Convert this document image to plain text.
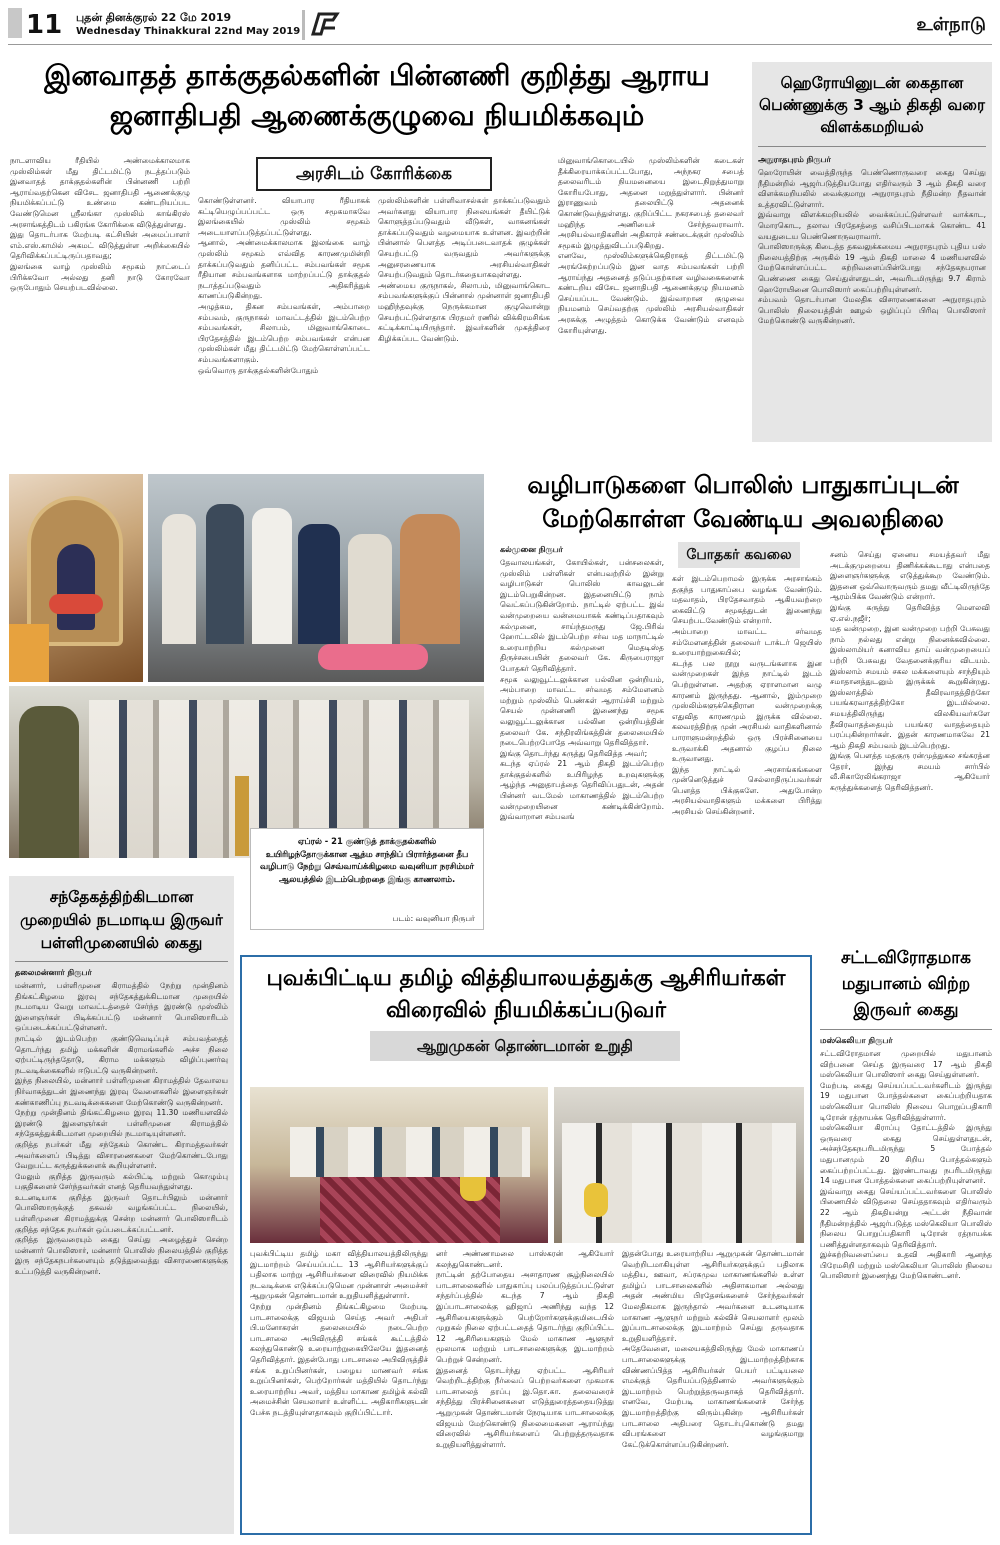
11 புதன் தினக்குரல் 22 மே 2019
Wednesday Thinakkural 22nd May 2019	உள்நாடு
இனவாதத் தாக்குதல்களின் பின்னணி குறித்து ஆராய ஜனாதிபதி ஆணைக்குழுவை நியமிக்கவும்
அரசிடம் கோரிக்கை
நாடளாவிய ரீதியில் அண்மைக்காலமாக முஸ்லிம்கள் மீது திட்டமிட்டு நடத்தப்படும் இனவாதத் தாக்குதல்களின் பின்னணி பற்றி ஆராய்வதற்கென விசேட ஜனாதிபதி ஆணைக்குழு நியமிக்கப்பட்டு உண்மை கண்டறியப்பட வேண்டுமென ஸ்ரீலங்கா முஸ்லிம் காங்கிரஸ் அரசாங்கத்திடம் பகிரங்க கோரிக்கை விடுத்துள்ளது.
இது தொடர்பாக மேற்படி கட்சியின் அமைப்பாளர் எம்.எஸ்.காமில் அகமட் விடுத்துள்ள அறிக்கையில் தெரிவிக்கப்பட்டிருப்பதாவது;
இலங்கை வாழ் முஸ்லிம் சமூகம் நாட்டைப் பிரிக்கவோ அல்லது தனி நாடு கோரவோ ஒருபோதும் செயற்படவில்லை.
கொண்டுள்ளனர். வியாபார ரீதியாகக் கட்டியெழுப்பப்பட்ட ஒரு சமூகமாகவே இலங்கையில் முஸ்லிம் சமூகம் அடையாளப்படுத்தப்பட்டுள்ளது.
ஆனால், அண்மைக்காலமாக இலங்கை வாழ் முஸ்லிம் சமூகம் எவ்வித காரணமுமின்றி தாக்கப்படுவதும் தனிப்பட்ட சம்பவங்கள் சமூக ரீதியான சம்பவங்களாக மாற்றப்பட்டு தாக்குதல் நடாத்தப்படுவதும் அதிகரித்துக் காணப்படுகின்றது.
அழுத்கம, திகன சம்பவங்கள், அம்பாறை சம்பவம், குருநாகல் மாவட்டத்தில் இடம்பெற்ற சம்பவங்கள், சிலாபம், மினுவாங்கொடை பிரதேசத்தில் இடம்பெற்ற சம்பவங்கள் என்பன முஸ்லிம்கள் மீது திட்டமிட்டு மேற்கொள்ளப்பட்ட சம்பவங்களாகும்.
ஒவ்வொரு தாக்குதல்களின்போதும்
முஸ்லிம்களின் பள்ளிவாசல்கள் தாக்கப்படுவதும் அவர்களது வியாபார நிலையங்கள் தீயிட்டுக் கொளுத்தப்படுவதும் வீடுகள், வாகனங்கள் தாக்கப்படுவதும் வழமையாக உள்ளன. இவற்றின் பின்னால் பௌத்த அடிப்படைவாதக் குழுக்கள் செயற்பட்டு வருவதும் அவர்களுக்கு அனுசரணையாக அரசியல்வாதிகள் செயற்படுவதும் தொடர்கதையாகவுள்ளது.
அண்மைய குருநாகல், சிலாபம், மினுவாங்கொட சம்பவங்களுக்குப் பின்னால் முன்னாள் ஜனாதிபதி மஹிந்தவுக்கு நெருக்கமான குழுவொன்று செயற்பட்டுள்ளதாக பிரதமர் ரணில் விக்கிரமசிங்க சுட்டிக்காட்டியிருந்தார். இவர்களின் முகத்திரை கிழிக்கப்பட வேண்டும்.
மினுவாங்கொடையில் முஸ்லிம்களின் கடைகள் தீக்கிரையாக்கப்பட்டபோது, அந்நகர சபைத் தலைவரிடம் நியமனையை இடைநிறுத்துமாறு கோரியபோது, அதனை மறுத்துள்ளார். பின்னர் இராணுவம் தலையிட்டு அதனைக் கொண்டுவந்துள்ளது. குறிப்பிட்ட நகரசபைத் தலைவர் மஹிந்த அணியைச் சேர்ந்தவராவார். அரசியல்வாதிகளின் அதிகாரச் சண்டைக்குள் முஸ்லிம் சமூகம் இழுத்துவிடப்படுகிறது.
எனவே, முஸ்லிம்களுக்கெதிராகத் திட்டமிட்டு அரங்கேற்றப்படும் இன வாத சம்பவங்கள் பற்றி ஆராய்ந்து அதனைத் தடுப்பதற்கான வழிவகைகளைக் கண்டறிய விசேட ஜனாதிபதி ஆணைக்குழு நியமனம் செய்யப்பட வேண்டும். இவ்வாறான குழுவை நியமனம் செய்வதற்கு முஸ்லிம் அரசியல்வாதிகள் அரசுக்கு அழுத்தம் கொடுக்க வேண்டும் எனவும் கோரியுள்ளது.
ஹெரோயினுடன் கைதான பெண்ணுக்கு 3 ஆம் திகதி வரை விளக்கமறியல்
அநுராதபுரம் நிருபர்
ஹெரோயின் வைத்திருந்த பெண்ணொருவரை கைது செய்து நீதிமன்றில் ஆஜர்படுத்தியபோது எதிர்வரும் 3 ஆம் திகதி வரை விளக்கமறியலில் வைக்குமாறு அநுராதபுரம் நீதிமன்ற நீதவான் உத்தரவிட்டுள்ளார்.
இவ்வாறு விளக்கமறியலில் வைக்கப்பட்டுள்ளவர் வாக்காட, மொரகொட, தலாவ பிரதேசத்தை வசிப்பிடமாகக் கொண்ட 41 வயதுடைய பெண்ணொருவராவார்.
பொலிஸாருக்கு கிடைத்த தகவலுக்கமைய அநுராதபுரம் புதிய பஸ் நிலையத்திற்கு அருகில் 19 ஆம் திகதி மாலை 4 மணியளவில் மேற்கொள்ளப்பட்ட சுற்றிவளைப்பின்போது சந்தேகநபரான பெண்ணை கைது செய்துள்ளதுடன், அவரிடமிருந்து 9.7 கிராம் ஹெரோயினை பொலிஸார் கைப்பற்றியுள்ளனர்.
சம்பவம் தொடர்பான மேலதிக விசாரணைகளை அநுராதபுரம் பொலிஸ் நிலையத்தின் ஊழல் ஒழிப்புப் பிரிவு பொலிஸார் மேற்கொண்டு வருகின்றனர்.
ஏப்ரல் - 21 குண்டுத் தாக்குதல்களில் உயிரிழந்தோருக்கான ஆத்ம சாந்திப் பிரார்த்தனை தீப வழிபாடு நேற்று செவ்வாய்க்கிழமை வவுனியா நரசிம்மர் ஆலயத்தில் இடம்பெற்றதை இங்கு காணலாம்.
படம்: வவுனியா நிருபர்
வழிபாடுகளை பொலிஸ் பாதுகாப்புடன் மேற்கொள்ள வேண்டிய அவலநிலை
கல்முனை நிருபர்	போதகர் கவலை
தேவாலயங்கள், கோயில்கள், பன்சலைகள், முஸ்லிம் பள்ளிகள் என்பவற்றில் இன்று வழிபாடுகள் பொலிஸ் காவலுடன் இடம்பெறுகின்றன. இதனையிட்டு நாம் வெட்கப்படுகின்றோம். நாட்டில் ஏற்பட்ட இவ் வன்முறையை வன்மையாகக் கண்டிப்பதாகவும் கல்முனை, சாய்ந்தமருது ஜே.பிரிவ் ஹோட்டலில் இடம்பெற்ற சர்வ மத மாநாட்டில் உரையாற்றிய கல்முனை மெதடிஸ்த திருச்சபையின் தலைவர் கே. கிருபைராஜா போதகர் தெரிவித்தார்.
சமூக வலுவூட்டலுக்கான பல்லின ஒன்றியம், அம்பாறை மாவட்ட சர்வமத சம்மேளனம் மற்றும் முஸ்லிம் பெண்கள் ஆராய்ச்சி மற்றும் செயல் முன்னணி இணைந்து சமூக வலுவூட்டலுக்கான பல்லின ஒன்றியத்தின் தலைவர் கே. சந்திரலிங்கத்தின் தலைமையில் நடைபெற்றபோதே அவ்வாறு தெரிவித்தார்.
இங்கு தொடர்ந்து கருத்து தெரிவித்த அவர்;
கடந்த ஏப்ரல் 21 ஆம் திகதி இடம்பெற்ற தாக்குதல்களில் உயிரிழந்த உறவுகளுக்கு ஆழ்ந்த அனுதாபத்தை தெரிவிப்பதுடன், அதன் பின்னர் வடமேல் மாகாணத்தில் இடம்பெற்ற வன்முறையினை கண்டிக்கின்றோம். இவ்வாறான சம்பவங்
கள் இடம்பெறாமல் இருக்க அரசாங்கம் தகுந்த பாதுகாப்பை வழங்க வேண்டும். மதவாதம், பிரதேசவாதம் ஆகியவற்றை கைவிட்டு சமூகத்துடன் இணைந்து செயற்படவேண்டும் என்றார்.
அம்பாறை மாவட்ட சர்வமத சம்மேளனத்தின் தலைவர் டாக்டர் ஜெயிஸ் உரையாற்றுகையில்;
கடந்த பல நூறு வருடங்களாக இன வன்முறைகள் இந்த நாட்டில் இடம் பெற்றுள்ளன. அதற்கு ஏராளமான வழு காரணம் இருந்தது. ஆனால், இம்முறை முஸ்லிம்களுக்கெதிரான வன்முறைக்கு எதுவித காரணமும் இருக்க வில்லை. கலவரத்திற்கு முன் அரசியல் வாதிகளினால் பாராளுமன்றத்தில் ஒரு பிரச்சினையை உருவாக்கி அதனால் குழப்ப நிலை உருவானது.
இந்த நாட்டில் அரசாங்கங்களை முன்னெடுத்துச் செல்லாதிருப்பவர்கள் பௌத்த பிக்குகளே. அதுபோன்ற அரசியல்வாதிகளும் மக்களை பிரித்து அரசியல் செய்கின்றனர்.
சனம் செய்து ஏனைய சமயத்தவர் மீது அடக்குமுறையை திணிக்கக்கூடாது என்பதை இளைஞர்களுக்கு எடுத்துக்கூற வேண்டும். இதனை ஒவ்வொருவரும் தமது வீட்டிலிருந்தே ஆரம்பிக்க வேண்டும் என்றார்.
இங்கு கருத்து தெரிவித்த மௌலவி ஏ.எல்.நஜீர்;
மத வன்முறை, இன வன்முறை பற்றி பேசுவது நாம் நல்லது என்று நினைக்கவில்லை. இஸ்லாமியர் கனாவிய தாய் வன்முறையைப் பற்றி பேசுவது வேதனைக்குரிய விடயம். இஸ்லாம் சமயம் சகல மக்களையும் சாந்தியும் சமாதானத்துடனும் இருக்கக் கூறுகின்றது. இஸ்லாத்தில் தீவிரவாதத்திற்கோ பயங்கரவாதத்திற்கோ இடமில்லை. சமயத்திலிருந்து விலகியவர்களே தீவிரவாதத்தையும் பயங்கர வாதத்தையும் பரப்புகின்றார்கள். இதன் காரணமாகவே 21 ஆம் திகதி சம்பவம் இடம்பெற்றது.
இங்கு பௌத்த மதகுரு ரன்முத்துகல சங்கரத்ன தேரர், இந்து சமயம் சார்பில் வீ.சிகாரேலிங்கராஜா ஆகியோர் கருத்துக்களைத் தெரிவித்தனர்.
சந்தேகத்திற்கிடமான முறையில் நடமாடிய இருவர் பள்ளிமுனையில் கைது
தலைமன்னார் நிருபர்
மன்னார், பள்ளிமுனை கிராமத்தில் நேற்று முன்தினம் திங்கட்கிழமை இரவு சந்தேகத்துக்கிடமான முறையில் நடமாடிய வேறு மாவட்டத்தைச் சேர்ந்த இரண்டு முஸ்லிம் இளைஞர்கள் பிடிக்கப்பட்டு மன்னார் பொலிஸாரிடம் ஒப்படைக்கப்பட்டுள்ளனர்.
நாட்டில் இடம்பெற்ற குண்டுவெடிப்புச் சம்பவத்தைத் தொடர்ந்து தமிழ் மக்களின் கிராமங்களில் அச்ச நிலை ஏற்பட்டிருந்ததோடு, கிராம மக்களும் விழிப்புணர்வு நடவடிக்கைகளில் ஈடுபட்டு வருகின்றனர்.
இந்த நிலையில், மன்னார் பள்ளிமுனை கிராமத்தில் தேவாலய நிர்வாகத்துடன் இணைந்து இரவு வேளைகளில் இளைஞர்கள் கண்காணிப்பு நடவடிக்கைகளை மேற்கொண்டு வருகின்றனர்.
நேற்று முன்தினம் திங்கட்கிழமை இரவு 11.30 மணியளவில் இரண்டு இளைஞர்கள் பள்ளிமுனை கிராமத்தில் சந்தேகத்துக்கிடமான முறையில் நடமாடியுள்ளனர்.
குறித்த நபர்கள் மீது சந்தேகம் கொண்ட கிராமத்தவர்கள் அவர்களைப் பிடித்து விசாரணைகளை மேற்கொண்டபோது வேறுபட்ட கருத்துக்களைக் கூறியுள்ளனர்.
மேலும் குறித்த இருவரும் கல்பிட்டி மற்றும் கொழும்பு பகுதிகளைச் சேர்ந்தவர்கள் எனத் தெரியவந்துள்ளது.
உடனடியாக குறித்த இருவர் தொடர்பிலும் மன்னார் பொலிஸாருக்குத் தகவல் வழங்கப்பட்ட நிலையில், பள்ளிமுனை கிராமத்துக்கு சென்ற மன்னார் பொலிஸாரிடம் குறித்த சந்தேக நபர்கள் ஒப்படைக்கப்பட்டனர்.
குறித்த இருவரையும் கைது செய்து அழைத்துச் சென்ற மன்னார் பொலிஸார், மன்னார் பொலிஸ் நிலையத்தில் குறித்த இரு சந்தேகநபர்களையும் தடுத்துவைத்து விசாரணைகளுக்கு உட்படுத்தி வருகின்றனர்.
புவக்பிட்டிய தமிழ் வித்தியாலயத்துக்கு ஆசிரியர்கள் விரைவில் நியமிக்கப்படுவர்
ஆறுமுகன் தொண்டமான் உறுதி
புவக்பிட்டிய தமிழ் மகா வித்தியாலயத்திலிருந்து இடமாற்றம் செய்யப்பட்ட 13 ஆசிரியர்களுக்குப் பதிலாக மாற்று ஆசிரியர்களை விரைவில் நியமிக்க நடவடிக்கை எடுக்கப்படுமென முன்னாள் அமைச்சர் ஆறுமுகன் தொண்டமான் உறுதியளித்துள்ளார்.
நேற்று முன்தினம் திங்கட்கிழமை மேற்படி பாடசாலைக்கு விஜயம் செய்த அவர் அதிபர் பி.மனோகரன் தலைமையில் நடைபெற்ற பாடசாலை அபிவிருத்தி சங்கக் கூட்டத்தில் கலந்துகொண்டு உரையாற்றுகையிலேயே இதனைத் தெரிவித்தார். இதன்போது பாடசாலை அபிவிருத்திச் சங்க உறுப்பினர்கள், பழைய மாணவர் சங்க உறுப்பினர்கள், பெற்றோர்கள் மத்தியில் தொடர்ந்து உரையாற்றிய அவர், மத்திய மாகாண தமிழ்க் கல்வி அமைச்சின் செயலாளர் உள்ளிட்ட அதிகாரிகளுடன் பேச்சு நடத்தியுள்ளதாகவும் குறிப்பிட்டார்.
னர் அண்ணாமலை பாஸ்கரன் ஆகியோர் கலந்துகொண்டனர்.
நாட்டின் தற்போதைய அசாதாரண சூழ்நிலையில் பாடசாலைகளில் பாதுகாப்பு பலப்படுத்தப்பட்டுள்ள சந்தர்ப்பத்தில் கடந்த 7 ஆம் திகதி இப்பாடசாலைக்கு ஹிஜாப் அணிந்து வந்த 12 ஆசிரியைகளுக்கும் பெற்றோர்களுக்குமிடையில் முறுகல் நிலை ஏற்பட்டதைத் தொடர்ந்து குறிப்பிட்ட 12 ஆசிரியைகளும் மேல் மாகாண ஆளுநர் மூலமாக மற்றும் பாடசாலைகளுக்கு இடமாற்றம் பெற்றுச் சென்றனர்.
இதனைத் தொடர்ந்து ஏற்பட்ட ஆசிரியர் வெற்றிடத்திற்கு நீர்வைப் பெற்றவர்களை முகமாக பாடசாலைத் தரப்பு இ.தொ.கா. தலைவரைச் சந்தித்து பிரச்சினைகளை எடுத்துரைத்ததையடுத்து ஆறுமுகன் தொண்டமான் நேரடியாக பாடசாலைக்கு விஜயம் மேற்கொண்டு நிலைமைகளை ஆராய்ந்து விரைவில் ஆசிரியர்களைப் பெற்றுத்தருவதாக உறுதியளித்துள்ளார்.
இதன்போது உரையாற்றிய ஆறுமுகன் தொண்டமான் வெற்றிடமாகியுள்ள ஆசிரியர்களுக்குப் பதிலாக மத்திய, ஊவா, சப்ரகமுவ மாகாணங்களில் உள்ள தமிழ்ப் பாடசாலைகளில் அதிசாகமான அல்லது அதன் அண்மிய பிரதேசங்களைச் சேர்ந்தவர்கள் மேலதிகமாக இருந்தால் அவர்களை உடனடியாக மாகாண ஆளுநர் மற்றும் கல்விச் செயலாளர் மூலம் இப்பாடசாலைக்கு இடமாற்றம் செய்து தருவதாக உறுதியளித்தார்.
அதேவேளை, மலையகத்திலிருந்து மேல் மாகாணப் பாடசாலைகளுக்கு இடமாற்றத்திற்காக விண்ணப்பித்த ஆசிரியர்கள் பெயர் பட்டியலை எமக்குத் தெரியப்படுத்தினால் அவர்களுக்கும் இடமாற்றம் பெற்றுத்தருவதாகத் தெரிவித்தார். எனவே, மேற்படி மாகாணங்களைச் சேர்ந்த இடமாற்றத்திற்கு விரும்புகின்ற ஆசிரியர்கள் பாடசாலை அதிபரை தொடர்புகொண்டு தமது விபரங்களை வழங்குமாறு கேட்டுக்கொள்ளப்படுகின்றனர்.
சட்டவிரோதமாக மதுபானம் விற்ற இருவர் கைது
மஸ்கெலியா நிருபர்
சட்டவிரோதமான முறையில் மதுபானம் விற்பனை செய்த இருவரை 17 ஆம் திகதி மஸ்கெலியா பொலிஸார் கைது செய்துள்ளனர்.
மேற்படி கைது செய்யப்பட்டவர்களிடம் இருந்து 19 மதுபான போத்தல்களை கைப்பற்றியதாக மஸ்கெலியா பொலிஸ் நிலைய பொறுப்பதிகாரி டிரோன் ரத்நாயக்க தெரிவித்துள்ளார்.
மஸ்கெலியா கிராப்பு தோட்டத்தில் இருந்து ஒருவரை கைது செய்துள்ளதுடன், அச்சந்தேகநபரிடமிருந்து 5 போத்தல் மதுபானமும் 20 சிறிய போத்தல்களும் கைப்பற்றப்பட்டது. இரண்டாவது நபரிடமிருந்து 14 மதுபான போத்தல்களை கைப்பற்றியுள்ளனர்.
இவ்வாறு கைது செய்யப்பட்டவர்களை பொலிஸ் பிணையில் விடுதலை செய்ததாகவும் எதிர்வரும் 22 ஆம் திகதியன்று அட்டன் நீதிவான் நீதிமன்றத்தில் ஆஜர்படுத்த மஸ்கெலியா பொலிஸ் நிலைய பொறுப்பதிகாரி டிரோன் ரத்நாயக்க பணித்துள்ளதாகவும் தெரிவித்தார்.
இச்சுற்றிவளைப்பை உதவி அதிகாரி ஆனந்த பிரேமசிறி மற்றும் மஸ்கெலியா பொலிஸ் நிலைய பொலிஸார் இணைந்து மேற்கொண்டனர்.
